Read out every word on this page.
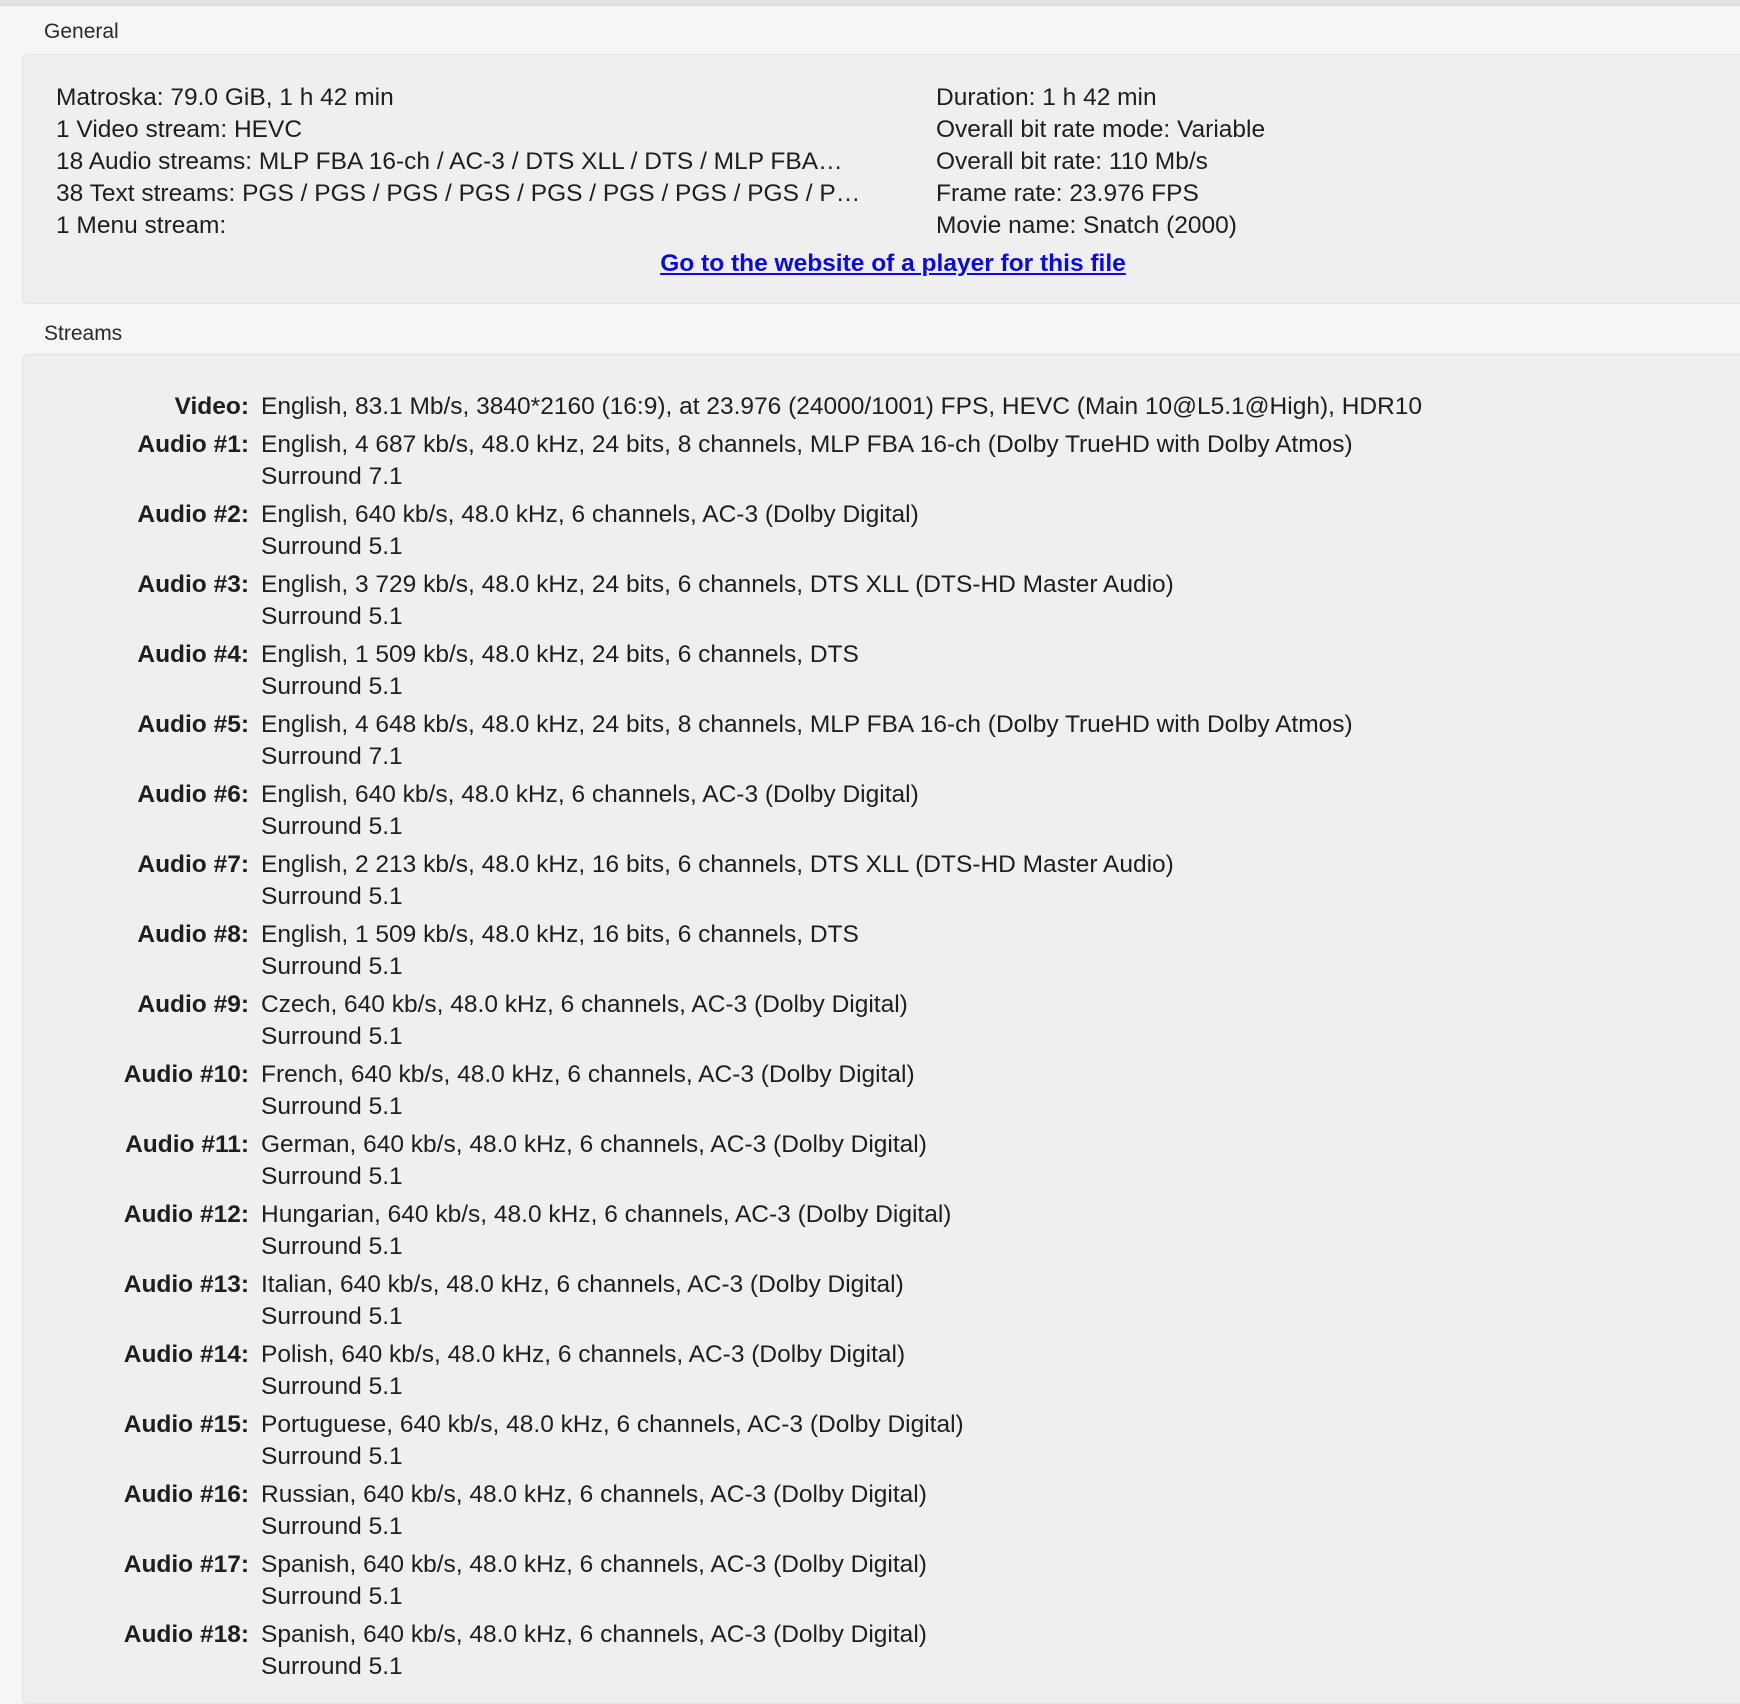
General
Matroska: 79.0 GiB, 1 h 42 min
1 Video stream: HEVC
18 Audio streams: MLP FBA 16-ch / AC-3 / DTS XLL / DTS / MLP FBA…
38 Text streams: PGS / PGS / PGS / PGS / PGS / PGS / PGS / PGS / P…
1 Menu stream:
Duration: 1 h 42 min
Overall bit rate mode: Variable
Overall bit rate: 110 Mb/s
Frame rate: 23.976 FPS
Movie name: Snatch (2000)
Go to the website of a player for this file
Streams
Video: English, 83.1 Mb/s, 3840*2160 (16:9), at 23.976 (24000/1001) FPS, HEVC (Main 10@L5.1@High), HDR10
Audio #1: English, 4 687 kb/s, 48.0 kHz, 24 bits, 8 channels, MLP FBA 16-ch (Dolby TrueHD with Dolby Atmos)
Surround 7.1
Audio #2: English, 640 kb/s, 48.0 kHz, 6 channels, AC-3 (Dolby Digital)
Surround 5.1
Audio #3: English, 3 729 kb/s, 48.0 kHz, 24 bits, 6 channels, DTS XLL (DTS-HD Master Audio)
Surround 5.1
Audio #4: English, 1 509 kb/s, 48.0 kHz, 24 bits, 6 channels, DTS
Surround 5.1
Audio #5: English, 4 648 kb/s, 48.0 kHz, 24 bits, 8 channels, MLP FBA 16-ch (Dolby TrueHD with Dolby Atmos)
Surround 7.1
Audio #6: English, 640 kb/s, 48.0 kHz, 6 channels, AC-3 (Dolby Digital)
Surround 5.1
Audio #7: English, 2 213 kb/s, 48.0 kHz, 16 bits, 6 channels, DTS XLL (DTS-HD Master Audio)
Surround 5.1
Audio #8: English, 1 509 kb/s, 48.0 kHz, 16 bits, 6 channels, DTS
Surround 5.1
Audio #9: Czech, 640 kb/s, 48.0 kHz, 6 channels, AC-3 (Dolby Digital)
Surround 5.1
Audio #10: French, 640 kb/s, 48.0 kHz, 6 channels, AC-3 (Dolby Digital)
Surround 5.1
Audio #11: German, 640 kb/s, 48.0 kHz, 6 channels, AC-3 (Dolby Digital)
Surround 5.1
Audio #12: Hungarian, 640 kb/s, 48.0 kHz, 6 channels, AC-3 (Dolby Digital)
Surround 5.1
Audio #13: Italian, 640 kb/s, 48.0 kHz, 6 channels, AC-3 (Dolby Digital)
Surround 5.1
Audio #14: Polish, 640 kb/s, 48.0 kHz, 6 channels, AC-3 (Dolby Digital)
Surround 5.1
Audio #15: Portuguese, 640 kb/s, 48.0 kHz, 6 channels, AC-3 (Dolby Digital)
Surround 5.1
Audio #16: Russian, 640 kb/s, 48.0 kHz, 6 channels, AC-3 (Dolby Digital)
Surround 5.1
Audio #17: Spanish, 640 kb/s, 48.0 kHz, 6 channels, AC-3 (Dolby Digital)
Surround 5.1
Audio #18: Spanish, 640 kb/s, 48.0 kHz, 6 channels, AC-3 (Dolby Digital)
Surround 5.1
